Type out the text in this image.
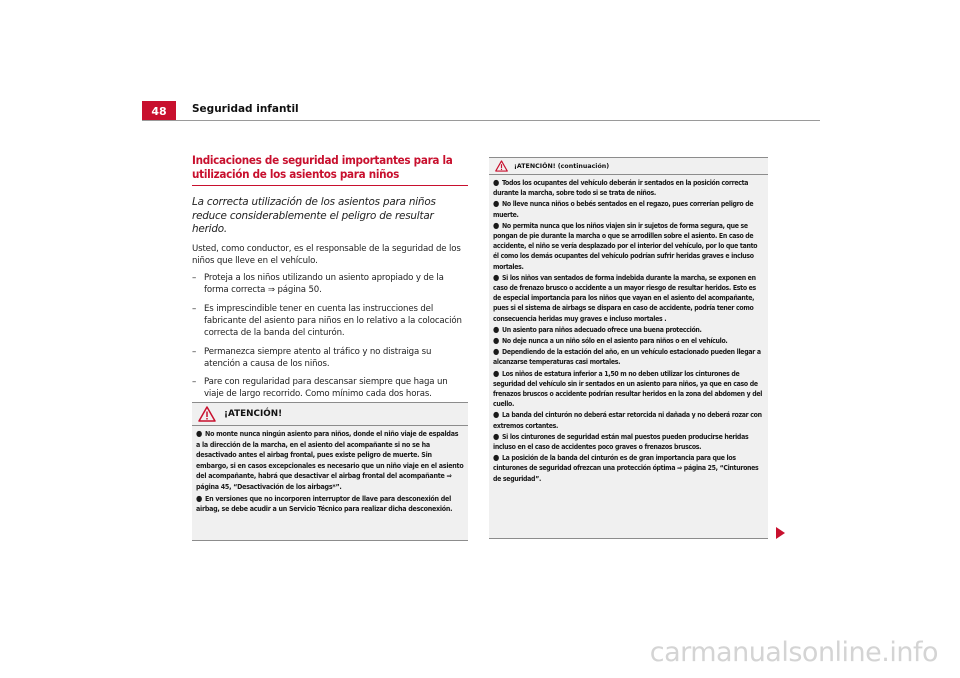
48	Seguridad infantil
Indicaciones de seguridad importantes para la utilización de los asientos para niños

La correcta utilización de los asientos para niños reduce considerablemente el peligro de resultar herido.

Usted, como conductor, es el responsable de la seguridad de los niños que lleve en el vehículo.

– Proteja a los niños utilizando un asiento apropiado y de la forma correcta ⇒ página 50.
– Es imprescindible tener en cuenta las instrucciones del fabricante del asiento para niños en lo relativo a la colocación correcta de la banda del cinturón.
– Permanezca siempre atento al tráfico y no distraiga su atención a causa de los niños.
– Pare con regularidad para descansar siempre que haga un viaje de largo recorrido. Como mínimo cada dos horas.
¡ATENCIÓN!
● No monte nunca ningún asiento para niños, donde el niño viaje de espaldas a la dirección de la marcha, en el asiento del acompañante si no se ha desactivado antes el airbag frontal, pues existe peligro de muerte. Sin embargo, si en casos excepcionales es necesario que un niño viaje en el asiento del acompañante, habrá que desactivar el airbag frontal del acompañante ⇒ página 45, “Desactivación de los airbags*”.
● En versiones que no incorporen interruptor de llave para desconexión del airbag, se debe acudir a un Servicio Técnico para realizar dicha desconexión.
¡ATENCIÓN! (continuación)
● Todos los ocupantes del vehículo deberán ir sentados en la posición correcta durante la marcha, sobre todo si se trata de niños.
● No lleve nunca niños o bebés sentados en el regazo, pues correrían peligro de muerte.
● No permita nunca que los niños viajen sin ir sujetos de forma segura, que se pongan de pie durante la marcha o que se arrodillen sobre el asiento. En caso de accidente, el niño se vería desplazado por el interior del vehículo, por lo que tanto él como los demás ocupantes del vehículo podrían sufrir heridas graves e incluso mortales.
● Si los niños van sentados de forma indebida durante la marcha, se exponen en caso de frenazo brusco o accidente a un mayor riesgo de resultar heridos. Esto es de especial importancia para los niños que vayan en el asiento del acompañante, pues si el sistema de airbags se dispara en caso de accidente, podría tener como consecuencia heridas muy graves e incluso mortales .
● Un asiento para niños adecuado ofrece una buena protección.
● No deje nunca a un niño sólo en el asiento para niños o en el vehículo.
● Dependiendo de la estación del año, en un vehículo estacionado pueden llegar a alcanzarse temperaturas casi mortales.
● Los niños de estatura inferior a 1,50 m no deben utilizar los cinturones de seguridad del vehículo sin ir sentados en un asiento para niños, ya que en caso de frenazos bruscos o accidente podrían resultar heridos en la zona del abdomen y del cuello.
● La banda del cinturón no deberá estar retorcida ni dañada y no deberá rozar con extremos cortantes.
● Si los cinturones de seguridad están mal puestos pueden producirse heridas incluso en el caso de accidentes poco graves o frenazos bruscos.
● La posición de la banda del cinturón es de gran importancia para que los cinturones de seguridad ofrezcan una protección óptima ⇒ página 25, “Cinturones de seguridad”.
carmanualsonline.info
